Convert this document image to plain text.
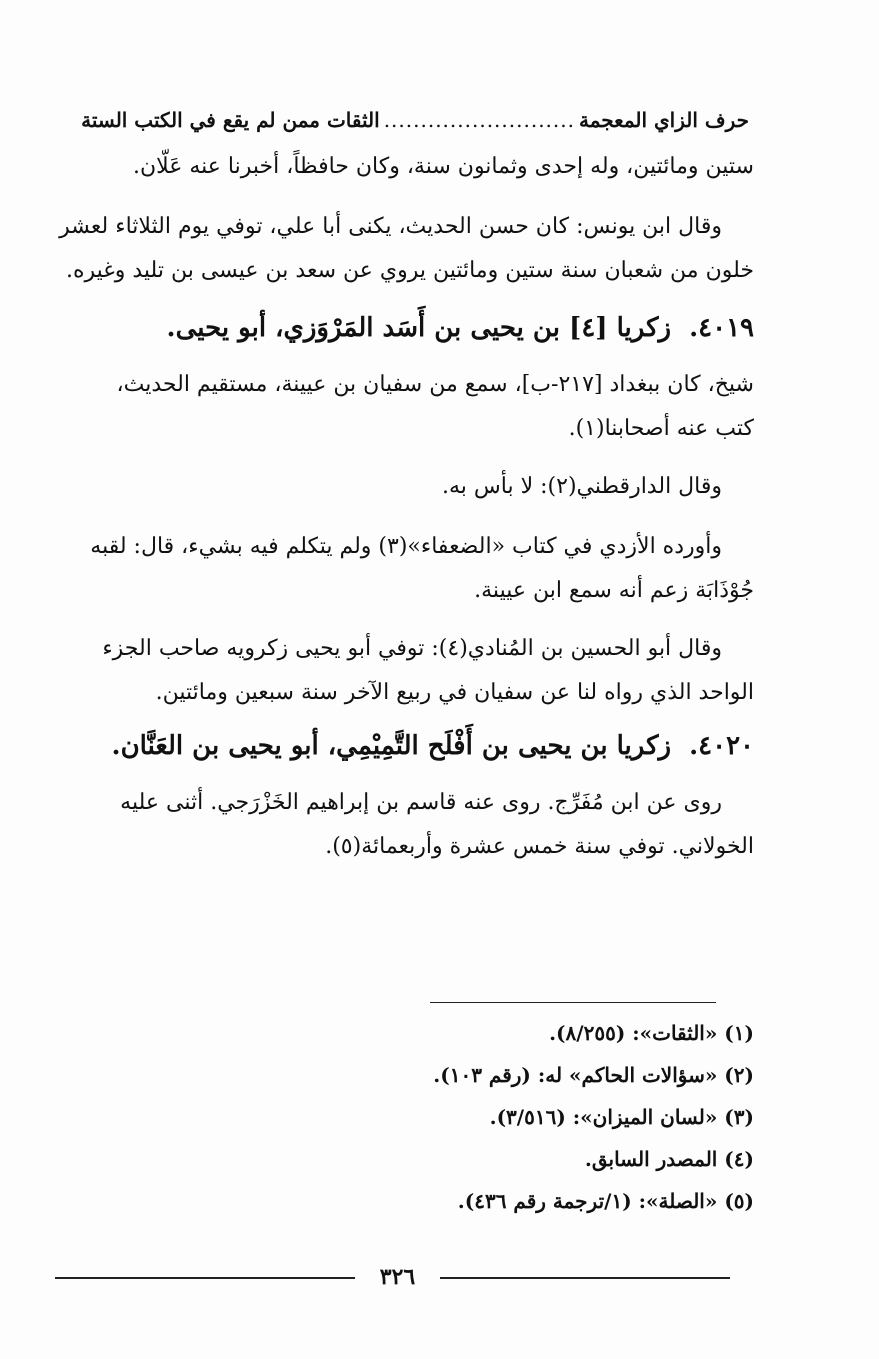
حرف الزاي المعجمة
..........................
الثقات ممن لم يقع في الكتب الستة

ستين ومائتين، وله إحدى وثمانون سنة، وكان حافظاً، أخبرنا عنه عَلّان.

وقال ابن يونس: كان حسن الحديث، يكنى أبا علي، توفي يوم الثلاثاء لعشر

خلون من شعبان سنة ستين ومائتين يروي عن سعد بن عيسى بن تليد وغيره.

٤٠١٩.زكريا [٤] بن يحيى بن أَسَد المَرْوَزي، أبو يحيى.

شيخ، كان ببغداد [٢١٧-ب]، سمع من سفيان بن عيينة، مستقيم الحديث،

كتب عنه أصحابنا(١).

وقال الدارقطني(٢): لا بأس به.

وأورده الأزدي في كتاب «الضعفاء»(٣) ولم يتكلم فيه بشيء، قال: لقبه

جُوْذَابَة زعم أنه سمع ابن عيينة.

وقال أبو الحسين بن المُنادي(٤): توفي أبو يحيى زكرويه صاحب الجزء

الواحد الذي رواه لنا عن سفيان في ربيع الآخر سنة سبعين ومائتين.

٤٠٢٠.زكريا بن يحيى بن أَفْلَح التَّمِيْمِي، أبو يحيى بن العَنَّان.

روى عن ابن مُفَرِّج. روى عنه قاسم بن إبراهيم الخَزْرَجي. أثنى عليه

الخولاني. توفي سنة خمس عشرة وأربعمائة(٥).

(١) «الثقات»: (٨/٢٥٥).

(٢) «سؤالات الحاكم» له: (رقم ١٠٣).

(٣) «لسان الميزان»: (٣/٥١٦).

(٤) المصدر السابق.

(٥) «الصلة»: (١/ترجمة رقم ٤٣٦).

٣٢٦
